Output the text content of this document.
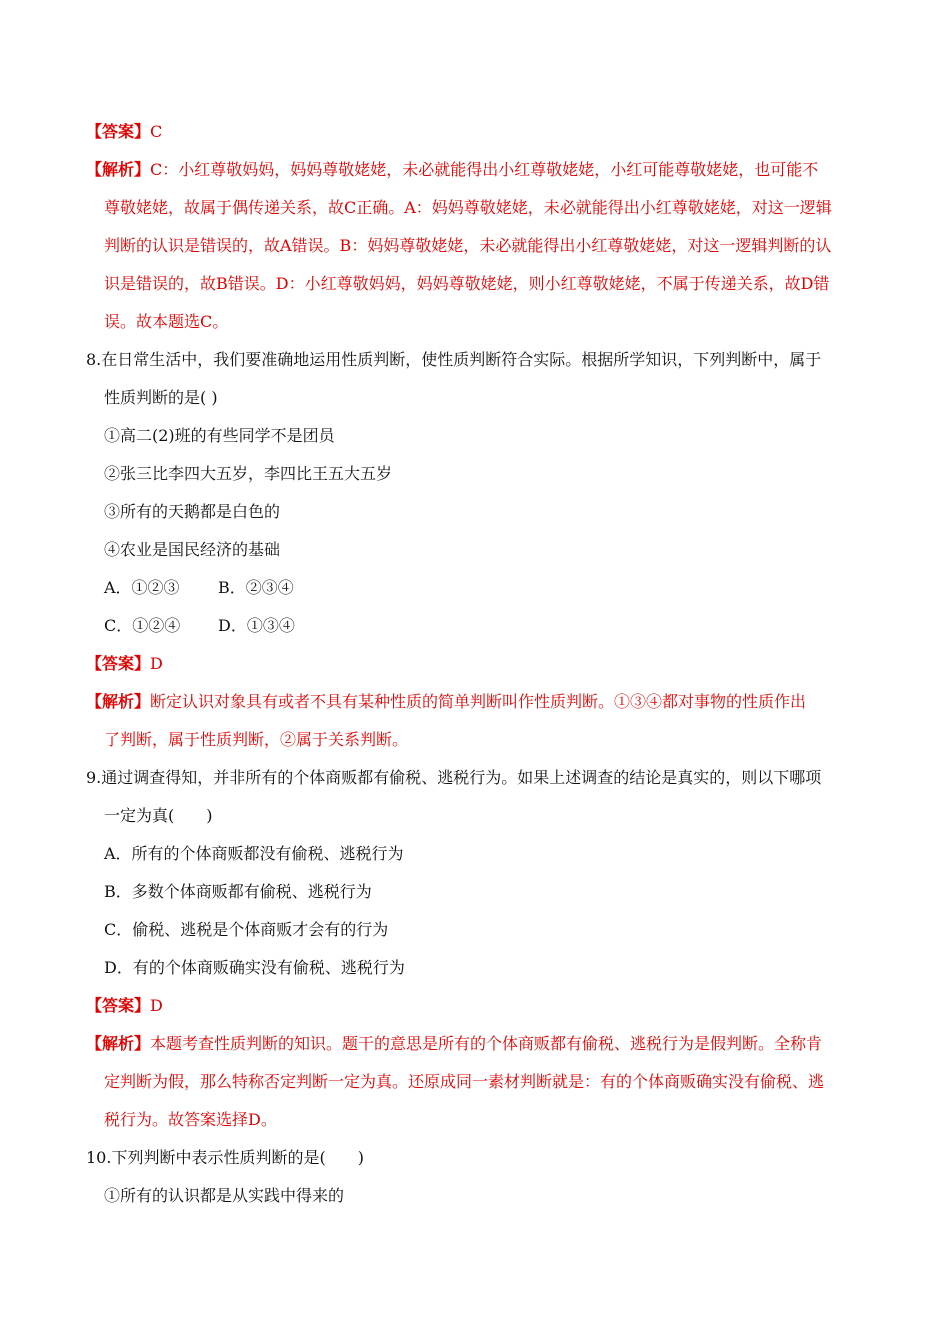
【答案】C
【解析】C：小红尊敬妈妈，妈妈尊敬姥姥，未必就能得出小红尊敬姥姥，小红可能尊敬姥姥，也可能不
尊敬姥姥，故属于偶传递关系，故C正确。A：妈妈尊敬姥姥，未必就能得出小红尊敬姥姥，对这一逻辑
判断的认识是错误的，故A错误。B：妈妈尊敬姥姥，未必就能得出小红尊敬姥姥，对这一逻辑判断的认
识是错误的，故B错误。D：小红尊敬妈妈，妈妈尊敬姥姥，则小红尊敬姥姥，不属于传递关系，故D错
误。故本题选C。
8.在日常生活中，我们要准确地运用性质判断，使性质判断符合实际。根据所学知识，下列判断中，属于
性质判断的是( )
①高二(2)班的有些同学不是团员
②张三比李四大五岁，李四比王五大五岁
③所有的天鹅都是白色的
④农业是国民经济的基础
A．①②③ B．②③④
C．①②④ D．①③④
【答案】D
【解析】断定认识对象具有或者不具有某种性质的简单判断叫作性质判断。①③④都对事物的性质作出
了判断，属于性质判断，②属于关系判断。
9.通过调查得知，并非所有的个体商贩都有偷税、逃税行为。如果上述调查的结论是真实的，则以下哪项
一定为真(　　)
A．所有的个体商贩都没有偷税、逃税行为
B．多数个体商贩都有偷税、逃税行为
C．偷税、逃税是个体商贩才会有的行为
D．有的个体商贩确实没有偷税、逃税行为
【答案】D
【解析】本题考查性质判断的知识。题干的意思是所有的个体商贩都有偷税、逃税行为是假判断。全称肯
定判断为假，那么特称否定判断一定为真。还原成同一素材判断就是：有的个体商贩确实没有偷税、逃
税行为。故答案选择D。
10.下列判断中表示性质判断的是(　　)
①所有的认识都是从实践中得来的
